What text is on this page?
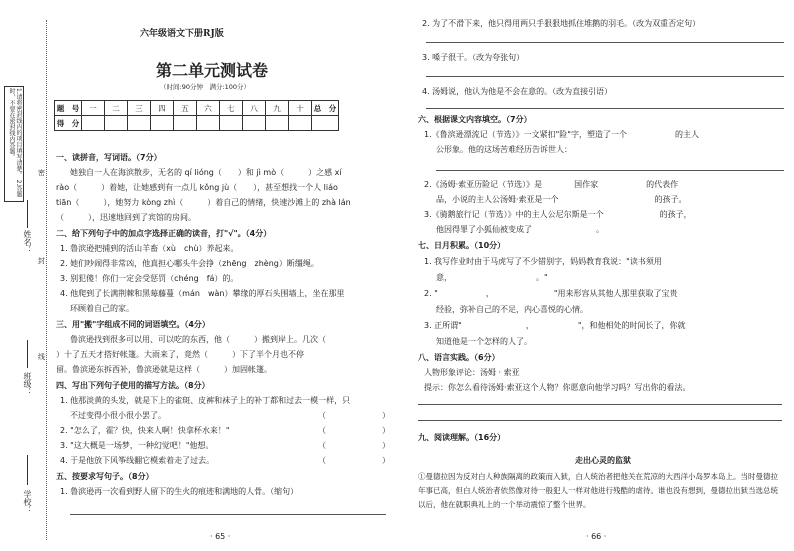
1.请将密封线内的项目填写清楚。 2.答题时，不要在密封线内答题。
姓名：
班级：
学校：
密
封
线
六年级语文下册RJ版
第二单元测试卷
（时间:90分钟　满分:100分）
题　号	一	二	三	四	五	六	七	八	九	十	总　分
得　分											
一、读拼音，写词语。（7分）
她独自一人在海滨散步，无名的 qí lióng（　　）和 jì mò（　　　）之感 xí
rào（　　　）着她，让她感到有一点儿 kǒng jù（　　），甚至想找一个人 liáo
tiān（　　　），她努力 kòng zhì（　　　）着自己的情绪，快速沙滩上的 zhà lán
（　　　），迅速地回到了宾馆的房间。
二、给下列句子中的加点字选择正确的读音，打"√"。（4分）
1. 鲁滨逊把捕到的活山羊畜（xù　chù）养起来。
2. 她们吵闹得非常凶，他真担心哪头牛会挣（zhēng　zhèng）断缰绳。
3. 别犯傻！你们一定会受惩罚（chéng　fá）的。
4. 他爬到了长满荆棘和黑莓藤蔓（mán　wàn）攀缘的厚石头围墙上，坐在那里
环顾着自己的家。
三、用"搬"字组成不同的词语填空。（4分）
鲁滨逊找到很多可以用、可以吃的东西，他（　　　）搬到岸上。几次（　　　
）十了五天才搭好帐篷。大雨来了，竟然（　　　）下了半个月也不停
留。鲁滨逊东拆西补，鲁滨逊就是这样（　　　）加固帐篷。
四、写出下列句子使用的描写方法。（8分）
1. 他那淡黄的头发，就是下上的雀斑、皮裤和袜子上的补丁都和过去一模一样，只
不过变得小很小很小罢了。	（　　　　　　　）
2. "怎么了，霍？快，快来人啊！快拿杯水来！"	（　　　　　　　）
3. "这大概是一场梦，一种幻觉吧！"他想。	（　　　　　　　）
4. 于是他放下风筝线翻它模索着走了过去。	（　　　　　　　）
五、按要求写句子。（8分）
1. 鲁滨逊再一次看到野人留下的生火的痕迹和满地的人骨。（缩句）
· 65 ·
2. 为了不滑下来，他只得用两只手狠狠地抓住堆鹅的羽毛。（改为双重否定句）
3. 嗓子很干。（改为夸张句）
4. 汤姆说，他认为他是不会在意的。（改为直接引语）
六、根据课文内容填空。（7分）
1.《鲁滨逊漂流记（节选）》一文紧扣"险"字，塑造了一个　　　　　　的主人
公形象。他的这场苦难经历告诉世人：
2.《汤姆·索亚历险记（节选）》是　　　　国作家　　　　　　的代表作
品，小说的主人公汤姆·索亚是一个　　　　　　　　　　　　的孩子。
3.《骑鹅旅行记（节选）》中的主人公尼尔斯是一个　　　　　　　的孩子，
他因得罪了小狐仙被变成了　　　　　　　　。
七、日月积累。（10分）
1. 我写作业时由于马虎写了不少错别字，妈妈教育我说："读书须用
意，　　　　　　　　　　　。"
2. "　　　　　　，　　　　　　　　"用来形容从其他人那里获取了宝贵
经验，弥补自己的不足，内心喜悦的心情。
3. 正所谓"　　　　　　　　，　　　　　　"，和他相处的时间长了，你就
知道他是一个怎样的人了。
八、语言实践。（6分）
人物形象评论：汤姆 · 索亚
提示：你怎么看待汤姆·索亚这个人物？你愿意向他学习吗？写出你的看法。
九、阅读理解。（16分）
走出心灵的监狱
①曼德拉因为反对白人种族隔离的政策而入狱，白人统治者把他关在荒凉的大西洋小岛罗本岛上。当时曼德拉年事已高，但白人统治者依然像对待一般犯人一样对他进行残酷的虐待。谁也没有想到，曼德拉出狱当选总统以后，他在就职典礼上的一个举动震惊了整个世界。
· 66 ·
